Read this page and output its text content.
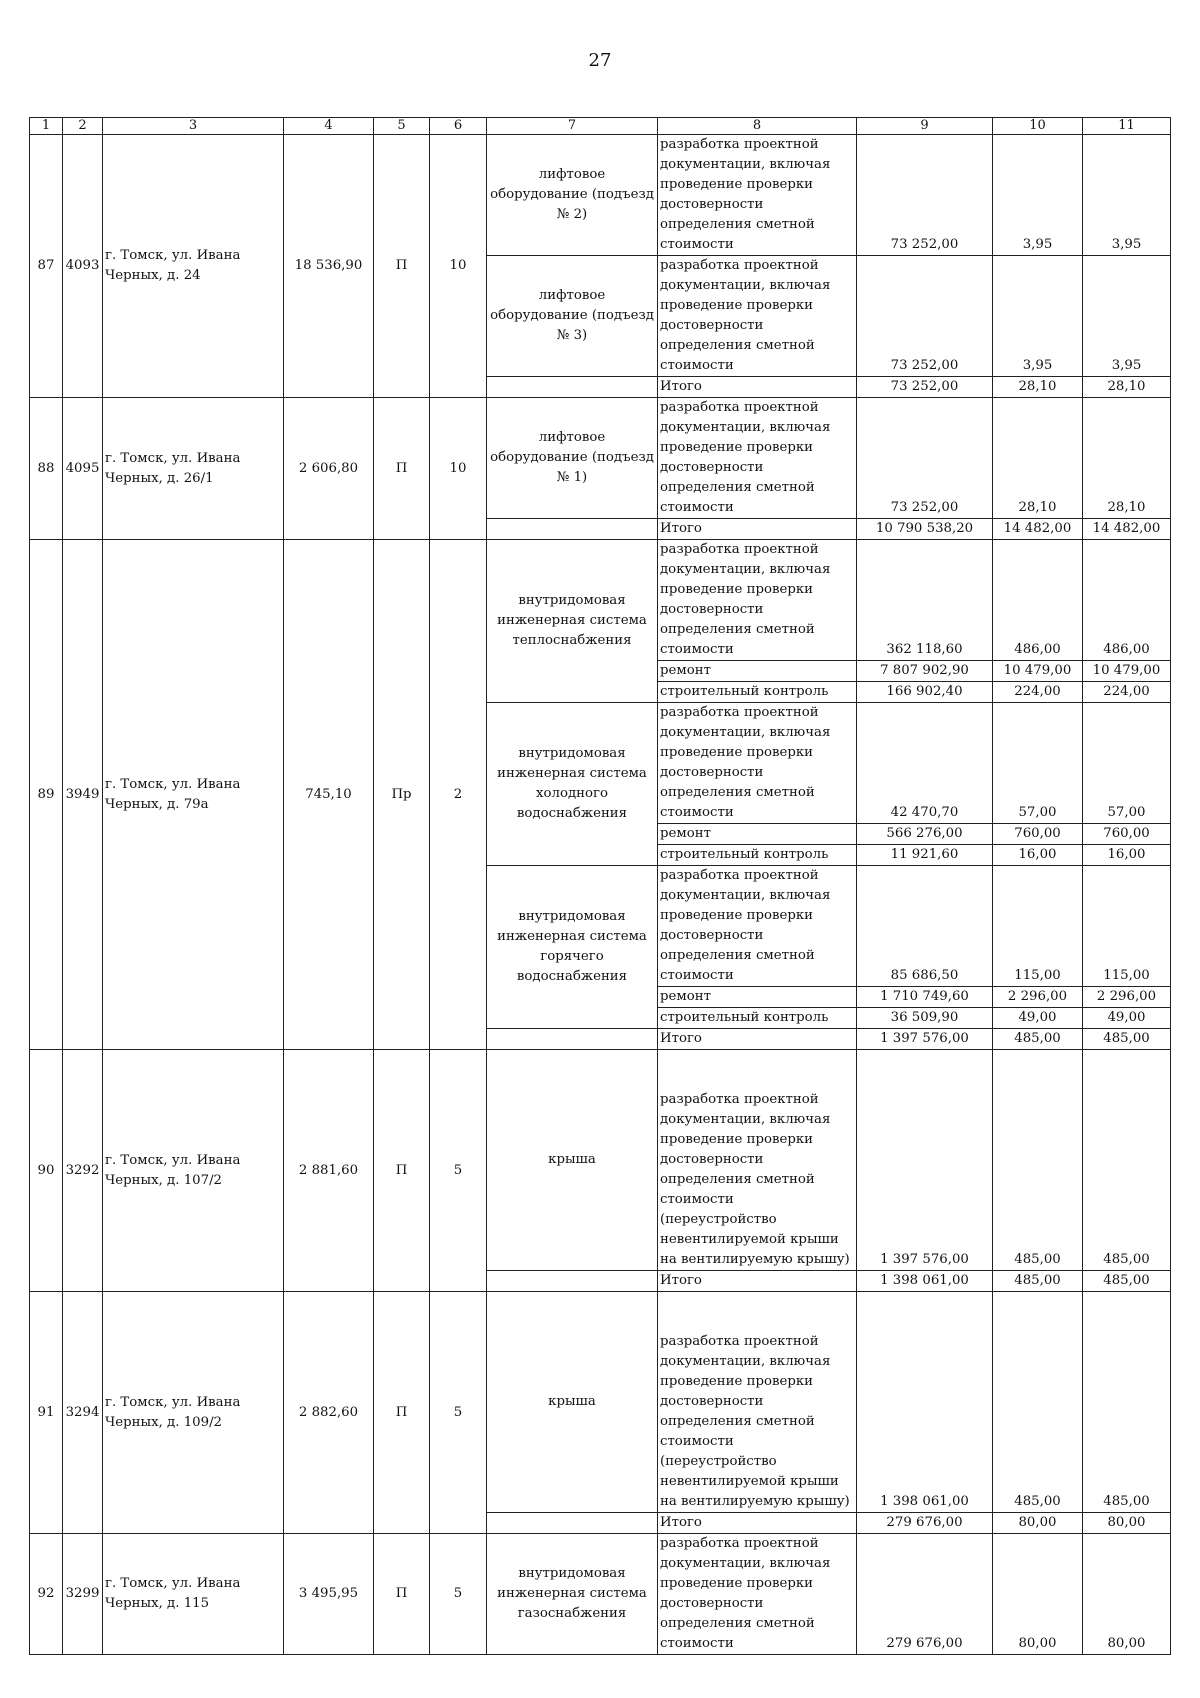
27
1	2	3	4	5	6	7	8	9	10	11
87	4093	г. Томск, ул. Ивана Черных, д. 24	18 536,90	П	10	лифтовое оборудование (подъезд № 2)	разработка проектной документации, включая проведение проверки достоверности определения сметной стоимости	73 252,00	3,95	3,95
						лифтовое оборудование (подъезд № 3)	разработка проектной документации, включая проведение проверки достоверности определения сметной стоимости	73 252,00	3,95	3,95
							Итого	73 252,00	28,10	28,10
88	4095	г. Томск, ул. Ивана Черных, д. 26/1	2 606,80	П	10	лифтовое оборудование (подъезд № 1)	разработка проектной документации, включая проведение проверки достоверности определения сметной стоимости	73 252,00	28,10	28,10
							Итого	10 790 538,20	14 482,00	14 482,00
89	3949	г. Томск, ул. Ивана Черных, д. 79а	745,10	Пр	2	внутридомовая инженерная система теплоснабжения	разработка проектной документации, включая проведение проверки достоверности определения сметной стоимости	362 118,60	486,00	486,00
							ремонт	7 807 902,90	10 479,00	10 479,00
							строительный контроль	166 902,40	224,00	224,00
						внутридомовая инженерная система холодного водоснабжения	разработка проектной документации, включая проведение проверки достоверности определения сметной стоимости	42 470,70	57,00	57,00
							ремонт	566 276,00	760,00	760,00
							строительный контроль	11 921,60	16,00	16,00
						внутридомовая инженерная система горячего водоснабжения	разработка проектной документации, включая проведение проверки достоверности определения сметной стоимости	85 686,50	115,00	115,00
							ремонт	1 710 749,60	2 296,00	2 296,00
							строительный контроль	36 509,90	49,00	49,00
							Итого	1 397 576,00	485,00	485,00
90	3292	г. Томск, ул. Ивана Черных, д. 107/2	2 881,60	П	5	крыша	разработка проектной документации, включая проведение проверки достоверности определения сметной стоимости (переустройство невентилируемой крыши на вентилируемую крышу)	1 397 576,00	485,00	485,00
							Итого	1 398 061,00	485,00	485,00
91	3294	г. Томск, ул. Ивана Черных, д. 109/2	2 882,60	П	5	крыша	разработка проектной документации, включая проведение проверки достоверности определения сметной стоимости (переустройство невентилируемой крыши на вентилируемую крышу)	1 398 061,00	485,00	485,00
							Итого	279 676,00	80,00	80,00
92	3299	г. Томск, ул. Ивана Черных, д. 115	3 495,95	П	5	внутридомовая инженерная система газоснабжения	разработка проектной документации, включая проведение проверки достоверности определения сметной стоимости	279 676,00	80,00	80,00
